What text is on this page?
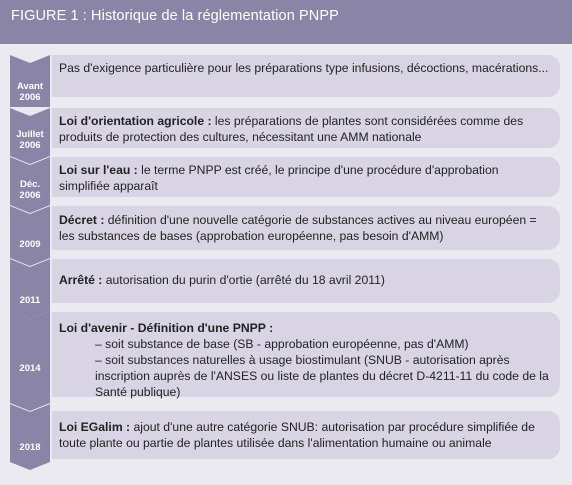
FIGURE 1 : Historique de la réglementation PNPP
Avant
2006
Pas d'exigence particulière pour les préparations type infusions, décoctions, macérations...
Juillet
2006
Loi d'orientation agricole : les préparations de plantes sont considérées comme des produits de protection des cultures, nécessitant une AMM nationale
Déc.
2006
Loi sur l'eau : le terme PNPP est créé, le principe d'une procédure d'approbation simplifiée apparaît
2009
Décret : définition d'une nouvelle catégorie de substances actives au niveau européen = les substances de bases (approbation européenne, pas besoin d'AMM)
2011
Arrêté : autorisation du purin d'ortie (arrêté du 18 avril 2011)
2014
Loi d'avenir - Définition d'une PNPP :
– soit substance de base (SB - approbation européenne, pas d'AMM)
– soit substances naturelles à usage biostimulant (SNUB - autorisation après inscription auprès de l'ANSES ou liste de plantes du décret D-4211-11 du code de la Santé publique)
2018
Loi EGalim : ajout d'une autre catégorie SNUB: autorisation par procédure simplifiée de toute plante ou partie de plantes utilisée dans l'alimentation humaine ou animale
